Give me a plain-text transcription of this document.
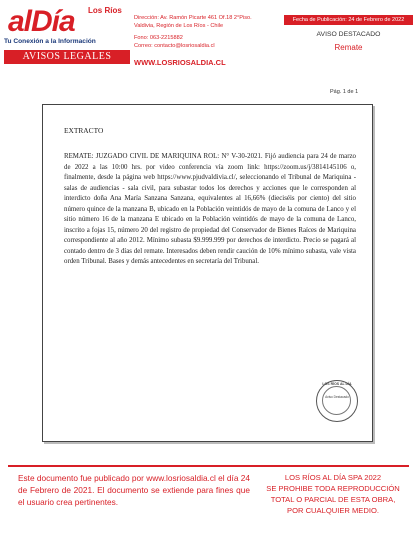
alDía Los Ríos
Tu Conexión a la Información
AVISOS LEGALES
Dirección: Av. Ramón Picarte 461 Of.18 2°Piso.
Valdivia, Región de Los Ríos - Chile
Fono: 063-2215882
Correo: contacto@losriosaldia.cl
WWW.LOSRIOSALDIA.CL
Fecha de Publicación: 24 de Febrero de 2022
AVISO DESTACADO
Remate
Pág. 1 de 1
EXTRACTO
REMATE: JUZGADO CIVIL DE MARIQUINA ROL: N° V-30-2021. Fijó audiencia para 24 de marzo de 2022 a las 10:00 hrs. por video conferencia vía zoom link: https://zoom.us/j/3814145106 o, finalmente, desde la página web https://www.pjudvaldivia.cl/, seleccionando el Tribunal de Mariquina - salas de audiencias - sala civil, para subastar todos los derechos y acciones que le corresponden al interdicto doña Ana María Sanzana Sanzana, equivalentes al 16,66% (dieciséis por ciento) del sitio número quince de la manzana B, ubicado en la Población veintidós de mayo de la comuna de Lanco y el sitio número 16 de la manzana E ubicado en la Población veintidós de mayo de la comuna de Lanco, inscrito a fojas 15, número 20 del registro de propiedad del Conservador de Bienes Raíces de Mariquina correspondiente al año 2012. Mínimo subasta $9.999.999 por derechos de interdicto. Precio se pagará al contado dentro de 3 días del remate. Interesados deben rendir caución de 10% mínimo subasta, vale vista orden Tribunal. Bases y demás antecedentes en secretaría del Tribunal.
LOS RÍOS AL DÍA
Aviso Destacado
Este documento fue publicado por www.losriosaldia.cl el día 24 de Febrero de 2021. El documento se extiende para fines que el usuario crea pertinentes.
LOS RÍOS AL DÍA SPA 2022
SE PROHIBE TODA REPRODUCCIÓN
TOTAL O PARCIAL DE ESTA OBRA,
POR CUALQUIER MEDIO.
